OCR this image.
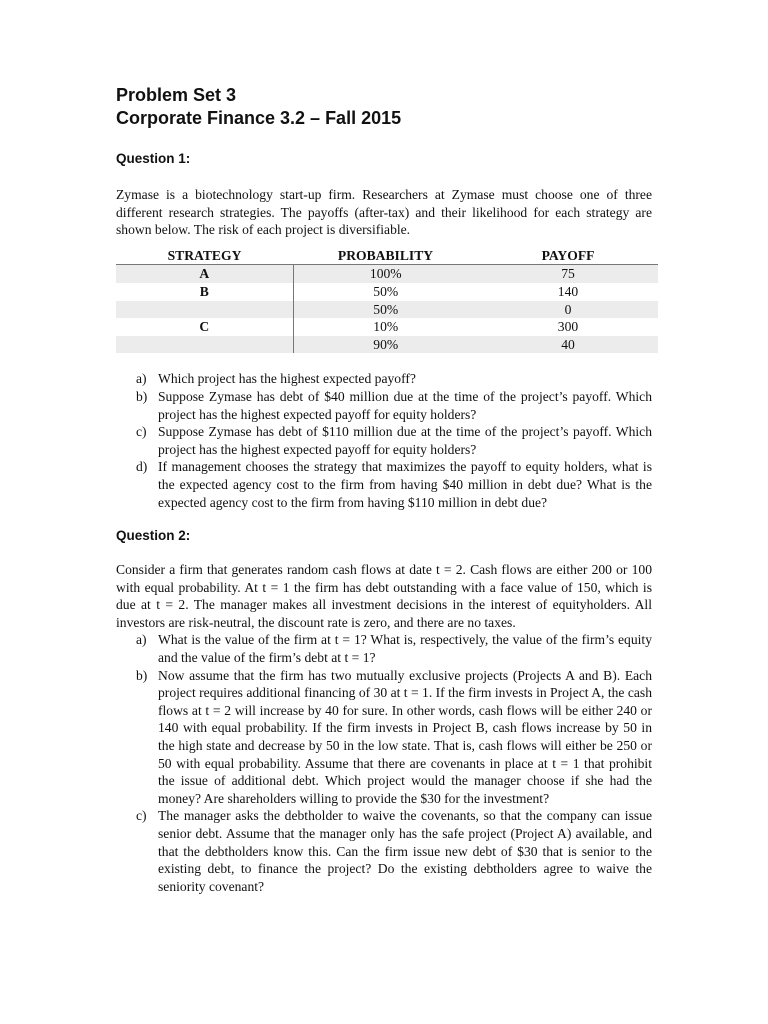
Problem Set 3
Corporate Finance 3.2 – Fall 2015
Question 1:

Zymase is a biotechnology start-up firm. Researchers at Zymase must choose one of three different research strategies. The payoffs (after-tax) and their likelihood for each strategy are shown below. The risk of each project is diversifiable.

STRATEGY	PROBABILITY	PAYOFF
A	100%	75
B	50%	140
	50%	0
C	10%	300
	90%	40
a) Which project has the highest expected payoff?
b) Suppose Zymase has debt of $40 million due at the time of the project’s payoff. Which project has the highest expected payoff for equity holders?
c) Suppose Zymase has debt of $110 million due at the time of the project’s payoff. Which project has the highest expected payoff for equity holders?
d) If management chooses the strategy that maximizes the payoff to equity holders, what is the expected agency cost to the firm from having $40 million in debt due? What is the expected agency cost to the firm from having $110 million in debt due?
Question 2:

Consider a firm that generates random cash flows at date t = 2. Cash flows are either 200 or 100 with equal probability. At t = 1 the firm has debt outstanding with a face value of 150, which is due at t = 2. The manager makes all investment decisions in the interest of equityholders. All investors are risk-neutral, the discount rate is zero, and there are no taxes.

a) What is the value of the firm at t = 1? What is, respectively, the value of the firm’s equity and the value of the firm’s debt at t = 1?
b) Now assume that the firm has two mutually exclusive projects (Projects A and B). Each project requires additional financing of 30 at t = 1. If the firm invests in Project A, the cash flows at t = 2 will increase by 40 for sure. In other words, cash flows will be either 240 or 140 with equal probability. If the firm invests in Project B, cash flows increase by 50 in the high state and decrease by 50 in the low state. That is, cash flows will either be 250 or 50 with equal probability. Assume that there are covenants in place at t = 1 that prohibit the issue of additional debt. Which project would the manager choose if she had the money? Are shareholders willing to provide the $30 for the investment?
c) The manager asks the debtholder to waive the covenants, so that the company can issue senior debt. Assume that the manager only has the safe project (Project A) available, and that the debtholders know this. Can the firm issue new debt of $30 that is senior to the existing debt, to finance the project? Do the existing debtholders agree to waive the seniority covenant?
